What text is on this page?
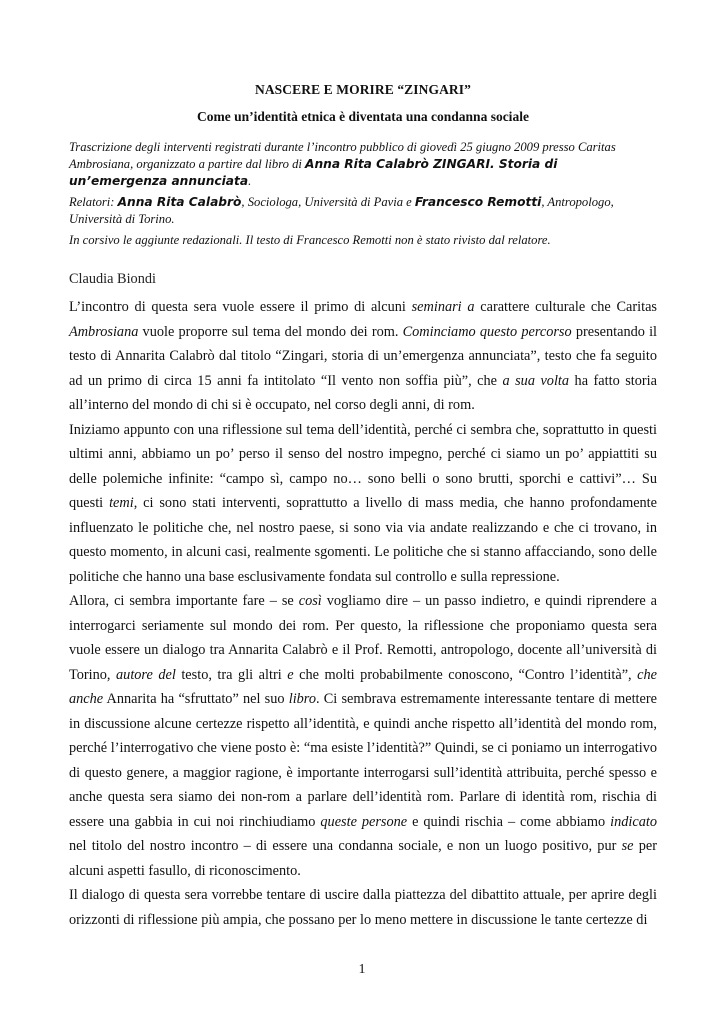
NASCERE E MORIRE “ZINGARI”
Come un’identità etnica è diventata una condanna sociale

Trascrizione degli interventi registrati durante l’incontro pubblico di giovedì 25 giugno 2009 presso Caritas Ambrosiana, organizzato a partire dal libro di Anna Rita Calabrò ZINGARI. Storia di un’emergenza annunciata.

Relatori: Anna Rita Calabrò, Sociologa, Università di Pavia e Francesco Remotti, Antropologo, Università di Torino.

In corsivo le aggiunte redazionali. Il testo di Francesco Remotti non è stato rivisto dal relatore.

Claudia Biondi

L’incontro di questa sera vuole essere il primo di alcuni seminari a carattere culturale che Caritas Ambrosiana vuole proporre sul tema del mondo dei rom. Cominciamo questo percorso presentando il testo di Annarita Calabrò dal titolo “Zingari, storia di un’emergenza annunciata”, testo che fa seguito ad un primo di circa 15 anni fa intitolato “Il vento non soffia più”, che a sua volta ha fatto storia all’interno del mondo di chi si è occupato, nel corso degli anni, di rom.

Iniziamo appunto con una riflessione sul tema dell’identità, perché ci sembra che, soprattutto in questi ultimi anni, abbiamo un po’ perso il senso del nostro impegno, perché ci siamo un po’ appiattiti su delle polemiche infinite: “campo sì, campo no… sono belli o sono brutti, sporchi e cattivi”… Su questi temi, ci sono stati interventi, soprattutto a livello di mass media, che hanno profondamente influenzato le politiche che, nel nostro paese, si sono via via andate realizzando e che ci trovano, in questo momento, in alcuni casi, realmente sgomenti. Le politiche che si stanno affacciando, sono delle politiche che hanno una base esclusivamente fondata sul controllo e sulla repressione.

Allora, ci sembra importante fare – se così vogliamo dire – un passo indietro, e quindi riprendere a interrogarci seriamente sul mondo dei rom. Per questo, la riflessione che proponiamo questa sera vuole essere un dialogo tra Annarita Calabrò e il Prof. Remotti, antropologo, docente all’università di Torino, autore del testo, tra gli altri e che molti probabilmente conoscono, “Contro l’identità”, che anche Annarita ha “sfruttato” nel suo libro. Ci sembrava estremamente interessante tentare di mettere in discussione alcune certezze rispetto all’identità, e quindi anche rispetto all’identità del mondo rom, perché l’interrogativo che viene posto è: “ma esiste l’identità?” Quindi, se ci poniamo un interrogativo di questo genere, a maggior ragione, è importante interrogarsi sull’identità attribuita, perché spesso e anche questa sera siamo dei non-rom a parlare dell’identità rom. Parlare di identità rom, rischia di essere una gabbia in cui noi rinchiudiamo queste persone e quindi rischia – come abbiamo indicato nel titolo del nostro incontro – di essere una condanna sociale, e non un luogo positivo, pur se per alcuni aspetti fasullo, di riconoscimento.

Il dialogo di questa sera vorrebbe tentare di uscire dalla piattezza del dibattito attuale, per aprire degli orizzonti di riflessione più ampia, che possano per lo meno mettere in discussione le tante certezze di

1
